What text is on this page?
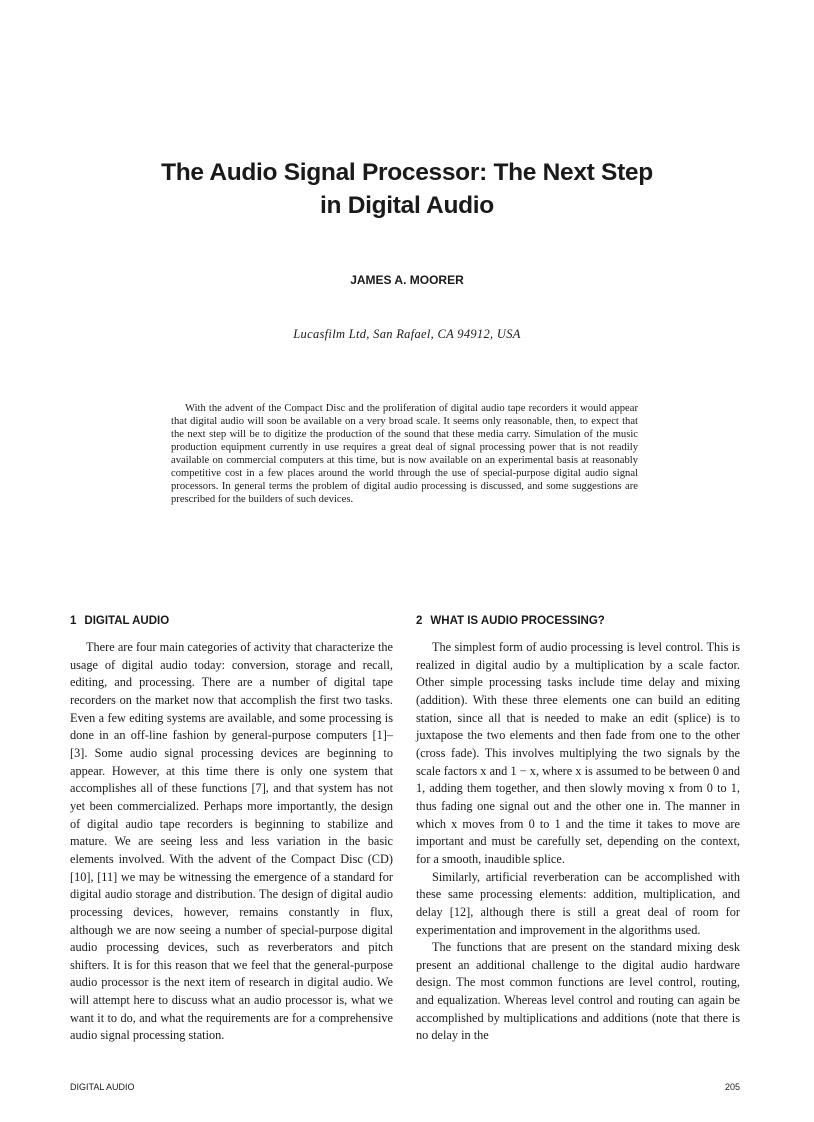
The Audio Signal Processor: The Next Step
in Digital Audio
JAMES A. MOORER
Lucasfilm Ltd, San Rafael, CA 94912, USA
With the advent of the Compact Disc and the proliferation of digital audio tape recorders it would appear that digital audio will soon be available on a very broad scale. It seems only reasonable, then, to expect that the next step will be to digitize the production of the sound that these media carry. Simulation of the music production equipment currently in use requires a great deal of signal processing power that is not readily available on commercial computers at this time, but is now available on an experimental basis at reasonably competitive cost in a few places around the world through the use of special-purpose digital audio signal processors. In general terms the problem of digital audio processing is discussed, and some suggestions are prescribed for the builders of such devices.
1 DIGITAL AUDIO	2 WHAT IS AUDIO PROCESSING?

There are four main categories of activity that characterize the usage of digital audio today: conversion, storage and recall, editing, and processing. There are a number of digital tape recorders on the market now that accomplish the first two tasks. Even a few editing systems are available, and some processing is done in an off-line fashion by general-purpose computers [1]–[3]. Some audio signal processing devices are beginning to appear. However, at this time there is only one system that accomplishes all of these functions [7], and that system has not yet been commercialized. Perhaps more importantly, the design of digital audio tape recorders is beginning to stabilize and mature. We are seeing less and less variation in the basic elements involved. With the advent of the Compact Disc (CD) [10], [11] we may be witnessing the emergence of a standard for digital audio storage and distribution. The design of digital audio processing devices, however, remains constantly in flux, although we are now seeing a number of special-purpose digital audio processing devices, such as reverberators and pitch shifters. It is for this reason that we feel that the general-purpose audio processor is the next item of research in digital audio. We will attempt here to discuss what an audio processor is, what we want it to do, and what the requirements are for a comprehensive audio signal processing station.

The simplest form of audio processing is level control. This is realized in digital audio by a multiplication by a scale factor. Other simple processing tasks include time delay and mixing (addition). With these three elements one can build an editing station, since all that is needed to make an edit (splice) is to juxtapose the two elements and then fade from one to the other (cross fade). This involves multiplying the two signals by the scale factors x and 1 − x, where x is assumed to be between 0 and 1, adding them together, and then slowly moving x from 0 to 1, thus fading one signal out and the other one in. The manner in which x moves from 0 to 1 and the time it takes to move are important and must be carefully set, depending on the context, for a smooth, inaudible splice.

Similarly, artificial reverberation can be accomplished with these same processing elements: addition, multiplication, and delay [12], although there is still a great deal of room for experimentation and improvement in the algorithms used.

The functions that are present on the standard mixing desk present an additional challenge to the digital audio hardware design. The most common functions are level control, routing, and equalization. Whereas level control and routing can again be accomplished by multiplications and additions (note that there is no delay in the

DIGITAL AUDIO	205
